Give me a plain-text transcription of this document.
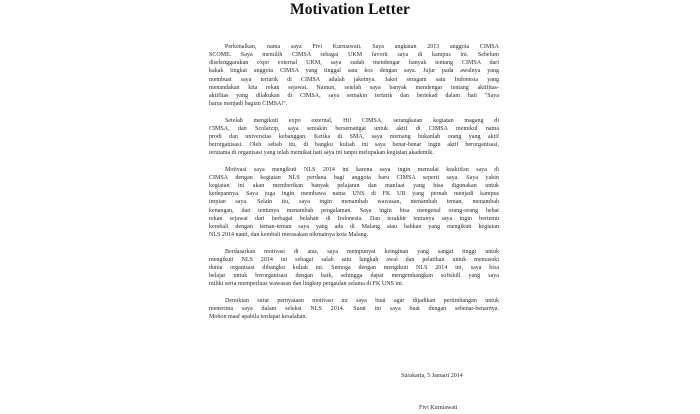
Motivation Letter
Perkenalkan, nama saya Fivi Kurniawati. Saya angkatan 2013 anggota CIMSA
SCOME. Saya memilih CIMSA sebagai UKM favorit saya di kampus ini. Sebelum
diselenggarakan expo external UKM, saya sudah mendengar banyak tentang CIMSA dari
kakak tingkat anggota CIMSA yang tinggal satu kos dengan saya. Jujur pada awalnya yang
membuat saya tertarik di CIMSA adalah jaketnya. Jaket seragam satu Indonesia yang
menandakan kita rekan sejawat. Namun, setelah saya banyak mendengar tentang aktifitas-
aktifitas yang dilakukan di CIMSA, saya semakin tertarik dan bertekad dalam hati "Saya
harus menjadi bagian CIMSA!".
Setelah mengikuti expo external, Hi! CIMSA, serangkaian kegiatan magang di
CIMSA, dan Scolarzip, saya semakin bersemangat untuk aktif di CIMSA memikul nama
prodi dan universitas kebanggan. Ketika di SMA, saya memang bukanlah orang yang aktif
berorganisasi. Oleh sebab itu, di bangku kuliah ini saya benar-benar ingin aktif berorganisasi,
terutama di organisasi yang telah memikat hati saya ini tanpu melupakan kegiatan akademik.
Motivasi saya mengikuti NLS 2014 ini karena saya ingin memulai keaktifan saya di
CIMSA dengan kegiatan NLS perdana bagi anggota baru CIMSA seperti saya. Saya yakin
kegiatan ini akan memberikan banyak pelajaran dan manfaat yang bisa digunakan untuk
kedepannya. Saya juga ingin membawa nama UNS di FK UB yang pernah menjadi kampus
impian saya. Selain itu, saya ingin menambah wawasan, menambah teman, menambah
kenangan, dan tentunya menambah pengalaman. Saya ingin bisa mengenal orang-orang hebat
rekan sejawat dari berbagai belahan di Indonesia. Dan terakhir tentunya saya ingin bertemu
kembali dengan teman-teman saya yang ada di Malang atau bahkan yang mengikuti kegiatan
NLS 2014 nanti, dan kembali merasakan nikmatnya kota Malang.
Berdasarkan motivasi di atas, saya mempunyai keinginan yang sangat tinggi untuk
mengikuti NLS 2014 ini sebagai salah satu langkah awal dan pelatihan untuk memasuki
dunia organisasi dibangku kuliah ini. Semoga dengan mengikuti NLS 2014 ini, saya bisa
belajar untuk berorganisasi dengan baik, sehingga dapat mengembangkan softskill yang saya
miliki serta memperluas wawasan dan lingkup pergaulan selama di FK UNS ini.
Demikian surat pernyataan motivasi ini saya buat agar dijadikan pertimbangan untuk
menerima saya dalam seleksi NLS 2014. Surat ini saya buat dengan sebenar-benarnya.
Mohon maaf apabila terdapat kesalahan.
Surakarta, 5 Januari 2014
Fivi Kurniawati
